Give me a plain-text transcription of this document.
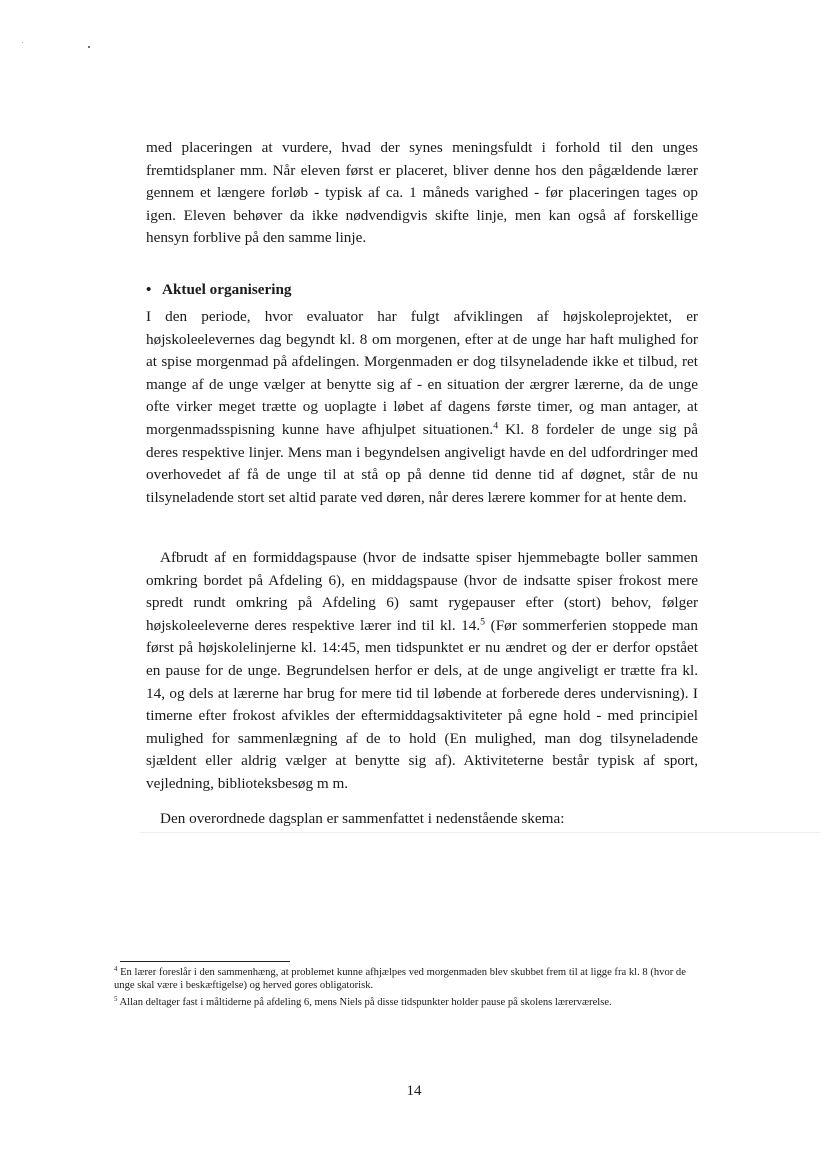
med placeringen at vurdere, hvad der synes meningsfuldt i forhold til den unges fremtidsplaner mm. Når eleven først er placeret, bliver denne hos den pågældende lærer gennem et længere forløb - typisk af ca. 1 måneds varighed - før placeringen tages op igen. Eleven behøver da ikke nødvendigvis skifte linje, men kan også af forskellige hensyn forblive på den samme linje.

• Aktuel organisering

I den periode, hvor evaluator har fulgt afviklingen af højskoleprojektet, er højskoleelevernes dag begyndt kl. 8 om morgenen, efter at de unge har haft mulighed for at spise morgenmad på afdelingen. Morgenmaden er dog tilsyneladende ikke et tilbud, ret mange af de unge vælger at benytte sig af - en situation der ærgrer lærerne, da de unge ofte virker meget trætte og uoplagte i løbet af dagens første timer, og man antager, at morgenmadsspisning kunne have afhjulpet situationen.$^4$ Kl. 8 fordeler de unge sig på deres respektive linjer. Mens man i begyndelsen angiveligt havde en del udfordringer med overhovedet af få de unge til at stå op på denne tid denne tid af døgnet, står de nu tilsyneladende stort set altid parate ved døren, når deres lærere kommer for at hente dem.

Afbrudt af en formiddagspause (hvor de indsatte spiser hjemmebagte boller sammen omkring bordet på Afdeling 6), en middagspause (hvor de indsatte spiser frokost mere spredt rundt omkring på Afdeling 6) samt rygepauser efter (stort) behov, følger højskoleeleverne deres respektive lærer ind til kl. 14.$^5$ (Før sommerferien stoppede man først på højskolelinjerne kl. 14:45, men tidspunktet er nu ændret og der er derfor opstået en pause for de unge. Begrundelsen herfor er dels, at de unge angiveligt er trætte fra kl. 14, og dels at lærerne har brug for mere tid til løbende at forberede deres undervisning). I timerne efter frokost afvikles der eftermiddagsaktiviteter på egne hold - med principiel mulighed for sammenlægning af de to hold (En mulighed, man dog tilsyneladende sjældent eller aldrig vælger at benytte sig af). Aktiviteterne består typisk af sport, vejledning, biblioteksbesøg m m.

Den overordnede dagsplan er sammenfattet i nedenstående skema:

$^4$ En lærer foreslår i den sammenhæng, at problemet kunne afhjælpes ved morgenmaden blev skubbet frem til at ligge fra kl. 8 (hvor de unge skal være i beskæftigelse) og herved gores obligatorisk.

$^5$ Allan deltager fast i måltiderne på afdeling 6, mens Niels på disse tidspunkter holder pause på skolens lærerværelse.

14
